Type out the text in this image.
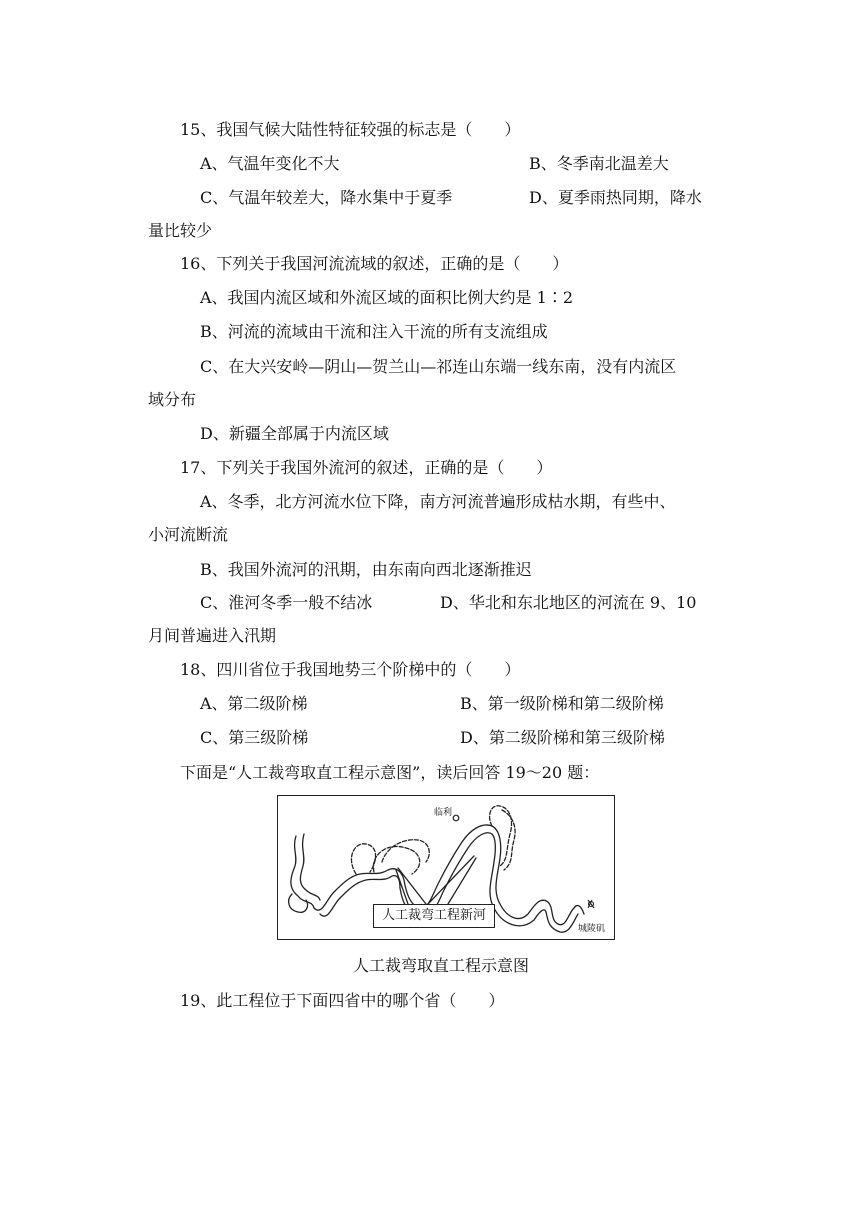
15、我国气候大陆性特征较强的标志是（　　）
A、气温年变化不大	B、冬季南北温差大
C、气温年较差大，降水集中于夏季	D、夏季雨热同期，降水
量比较少
16、下列关于我国河流流域的叙述，正确的是（　　）
A、我国内流区域和外流区域的面积比例大约是 1∶2
B、河流的流域由干流和注入干流的所有支流组成
C、在大兴安岭—阴山—贺兰山—祁连山东端一线东南，没有内流区
域分布
D、新疆全部属于内流区域
17、下列关于我国外流河的叙述，正确的是（　　）
A、冬季，北方河流水位下降，南方河流普遍形成枯水期，有些中、
小河流断流
B、我国外流河的汛期，由东南向西北逐渐推迟
C、淮河冬季一般不结冰	D、华北和东北地区的河流在 9、10
月间普遍进入汛期
18、四川省位于我国地势三个阶梯中的（　　）
A、第二级阶梯	B、第一级阶梯和第二级阶梯
C、第三级阶梯	D、第二级阶梯和第三级阶梯
下面是“人工裁弯取直工程示意图”，读后回答 19～20 题：
临利
城陵矶
人工裁弯工程新河
人工裁弯取直工程示意图
19、此工程位于下面四省中的哪个省（　　）
